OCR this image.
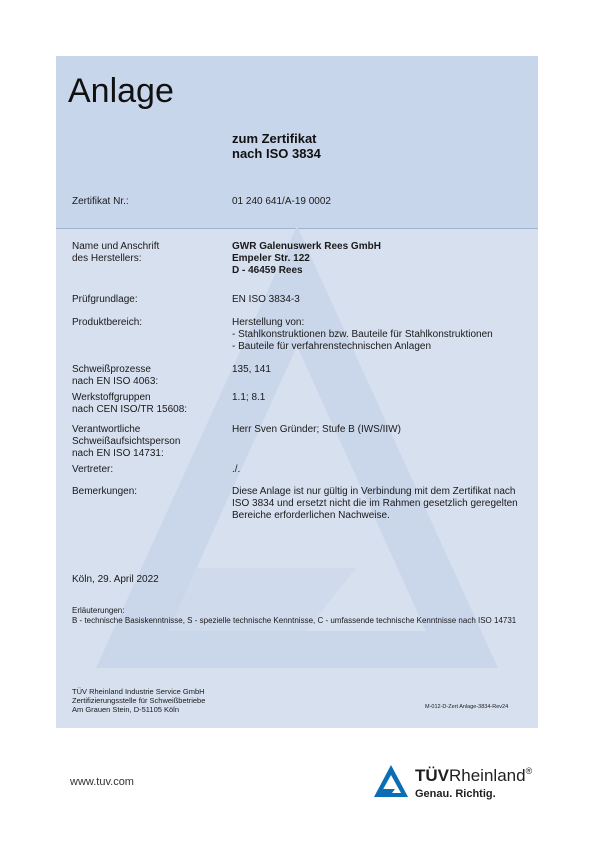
Anlage
zum Zertifikat
nach ISO 3834
Zertifikat Nr.:	01 240 641/A-19 0002
Name und Anschrift
des Herstellers:
GWR Galenuswerk Rees GmbH
Empeler Str. 122
D - 46459 Rees
Prüfgrundlage:	EN ISO 3834-3
Produktbereich:	Herstellung von:
- Stahlkonstruktionen bzw. Bauteile für Stahlkonstruktionen
- Bauteile für verfahrenstechnischen Anlagen
Schweißprozesse
nach EN ISO 4063:
135, 141
Werkstoffgruppen
nach CEN ISO/TR 15608:
1.1; 8.1
Verantwortliche
Schweißaufsichtsperson
nach EN ISO 14731:
Herr Sven Gründer; Stufe B (IWS/IIW)
Vertreter:	./.
Bemerkungen:	Diese Anlage ist nur gültig in Verbindung mit dem Zertifikat nach
ISO 3834 und ersetzt nicht die im Rahmen gesetzlich geregelten
Bereiche erforderlichen Nachweise.
Köln, 29. April 2022
Erläuterungen:
B - technische Basiskenntnisse, S - spezielle technische Kenntnisse, C - umfassende technische Kenntnisse nach ISO 14731
TÜV Rheinland Industrie Service GmbH
Zertifizierungsstelle für Schweißbetriebe
Am Grauen Stein, D-51105 Köln	M-012-D-Zert Anlage-3834-Rev24
www.tuv.com	TÜVRheinland®
Genau. Richtig.
